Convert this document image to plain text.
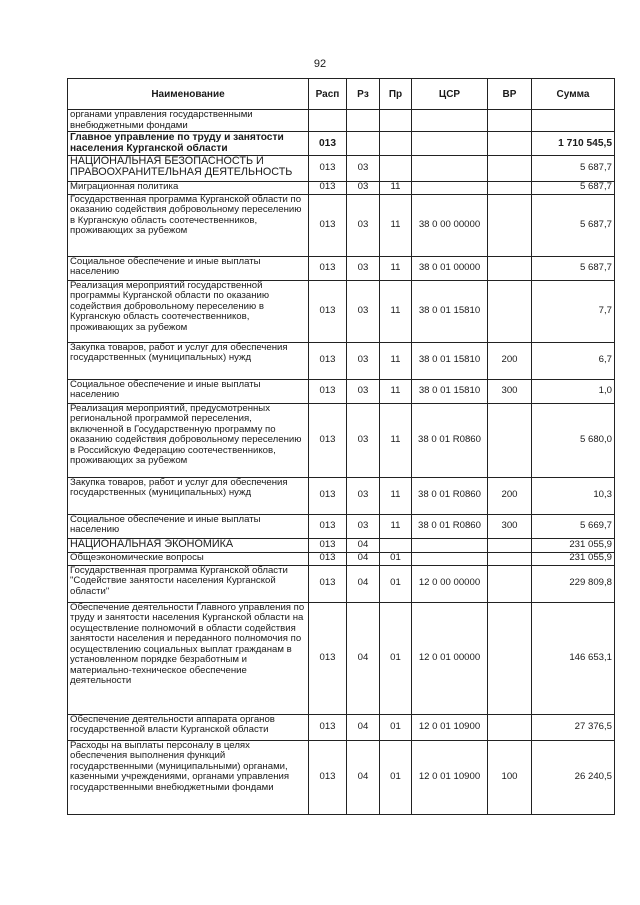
92
Наименование	Расп	Рз	Пр	ЦСР	ВР	Сумма
органами управления государственными внебюджетными фондами						
Главное управление по труду и занятости населения Курганской области	013					1 710 545,5
НАЦИОНАЛЬНАЯ БЕЗОПАСНОСТЬ И ПРАВООХРАНИТЕЛЬНАЯ ДЕЯТЕЛЬНОСТЬ	013	03				5 687,7
Миграционная политика	013	03	11			5 687,7
Государственная программа Курганской области по оказанию содействия добровольному переселению в Курганскую область соотечественников, проживающих за рубежом	013	03	11	38 0 00 00000		5 687,7
Социальное обеспечение и иные выплаты населению	013	03	11	38 0 01 00000		5 687,7
Реализация мероприятий государственной программы Курганской области по оказанию содействия добровольному переселению в Курганскую область соотечественников, проживающих за рубежом	013	03	11	38 0 01 15810		7,7
Закупка товаров, работ и услуг для обеспечения государственных (муниципальных) нужд	013	03	11	38 0 01 15810	200	6,7
Социальное обеспечение и иные выплаты населению	013	03	11	38 0 01 15810	300	1,0
Реализация мероприятий, предусмотренных региональной программой переселения, включенной в Государственную программу по оказанию содействия добровольному переселению в Российскую Федерацию соотечественников, проживающих за рубежом	013	03	11	38 0 01 R0860		5 680,0
Закупка товаров, работ и услуг для обеспечения государственных (муниципальных) нужд	013	03	11	38 0 01 R0860	200	10,3
Социальное обеспечение и иные выплаты населению	013	03	11	38 0 01 R0860	300	5 669,7
НАЦИОНАЛЬНАЯ ЭКОНОМИКА	013	04				231 055,9
Общеэкономические вопросы	013	04	01			231 055,9
Государственная программа Курганской области "Содействие занятости населения Курганской области"	013	04	01	12 0 00 00000		229 809,8
Обеспечение деятельности Главного управления по труду и занятости населения Курганской области на осуществление полномочий в области содействия занятости населения и переданного полномочия по осуществлению социальных выплат гражданам в установленном порядке безработным и материально-техническое обеспечение деятельности	013	04	01	12 0 01 00000		146 653,1
Обеспечение деятельности аппарата органов государственной власти Курганской области	013	04	01	12 0 01 10900		27 376,5
Расходы на выплаты персоналу в целях обеспечения выполнения функций государственными (муниципальными) органами, казенными учреждениями, органами управления государственными внебюджетными фондами	013	04	01	12 0 01 10900	100	26 240,5
